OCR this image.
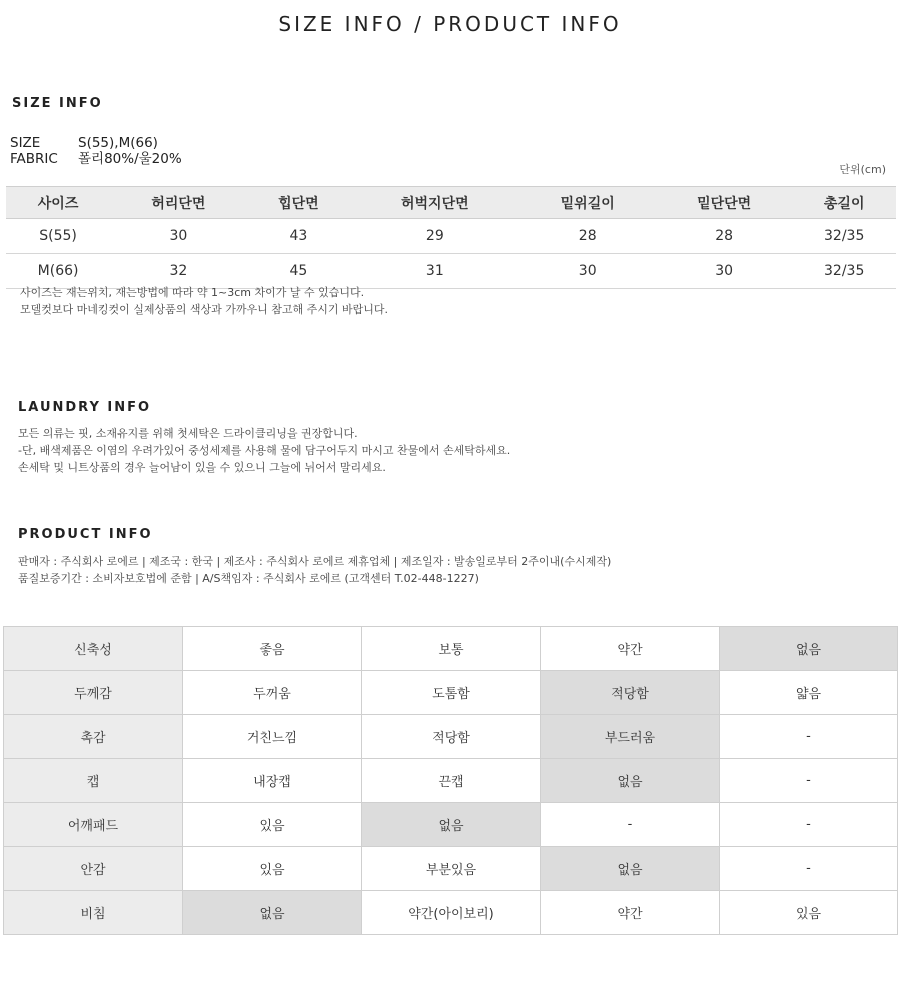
SIZE INFO / PRODUCT INFO
SIZE INFO
SIZE	S(55),M(66)
FABRIC 폴리80%/울20%
단위(cm)
사이즈	허리단면	힙단면	허벅지단면	밑위길이	밑단단면	총길이
S(55)	30	43	29	28	28	32/35
M(66)	32	45	31	30	30	32/35
사이즈는 재는위치, 재는방법에 따라 약 1~3cm 차이가 날 수 있습니다.
모델컷보다 마네킹컷이 실제상품의 색상과 가까우니 참고해 주시기 바랍니다.
LAUNDRY INFO
모든 의류는 핏, 소재유지를 위해 첫세탁은 드라이클리닝을 권장합니다.
-단, 배색제품은 이염의 우려가있어 중성세제를 사용해 물에 담구어두지 마시고 찬물에서 손세탁하세요.
손세탁 및 니트상품의 경우 늘어남이 있을 수 있으니 그늘에 뉘어서 말리세요.
PRODUCT INFO
판매자 : 주식회사 로에르 | 제조국 : 한국 | 제조사 : 주식회사 로에르 제휴업체 | 제조일자 : 발송일로부터 2주이내(수시제작)
품질보증기간 : 소비자보호법에 준함 | A/S책임자 : 주식회사 로에르 (고객센터 T.02-448-1227)
신축성	좋음	보통	약간	없음
두께감	두꺼움	도톰함	적당함	얇음
촉감	거친느낌	적당함	부드러움	-
캡	내장캡	끈캡	없음	-
어깨패드	있음	없음	-	-
안감	있음	부분있음	없음	-
비침	없음	약간(아이보리)	약간	있음
